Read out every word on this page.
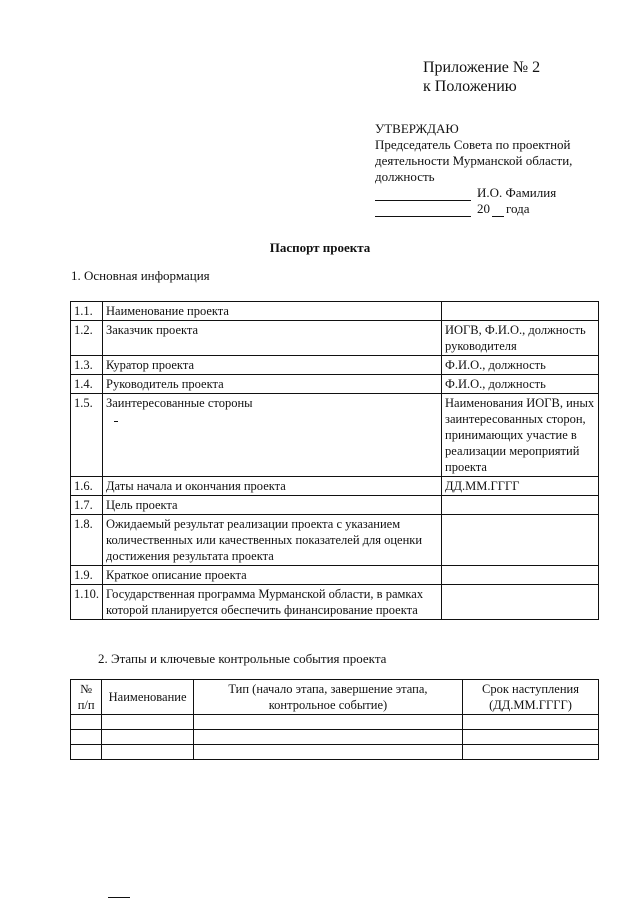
Приложение № 2
к Положению
УТВЕРЖДАЮ
Председатель Совета по проектной
деятельности Мурманской области,
должность
И.О. Фамилия
20 года
Паспорт проекта
1. Основная информация
1.1.	Наименование проекта	
1.2.	Заказчик проекта	ИОГВ, Ф.И.О., должность руководителя
1.3.	Куратор проекта	Ф.И.О., должность
1.4.	Руководитель проекта	Ф.И.О., должность
1.5.	Заинтересованные стороны	Наименования ИОГВ, иных заинтересованных сторон, принимающих участие в реализации мероприятий проекта
1.6.	Даты начала и окончания проекта	ДД.ММ.ГГГГ
1.7.	Цель проекта	
1.8.	Ожидаемый результат реализации проекта с указанием количественных или качественных показателей для оценки достижения результата проекта	
1.9.	Краткое описание проекта	
1.10.	Государственная программа Мурманской области, в рамках которой планируется обеспечить финансирование проекта	
2. Этапы и ключевые контрольные события проекта
№ п/п	Наименование	Тип (начало этапа, завершение этапа, контрольное событие)	Срок наступления (ДД.ММ.ГГГГ)
